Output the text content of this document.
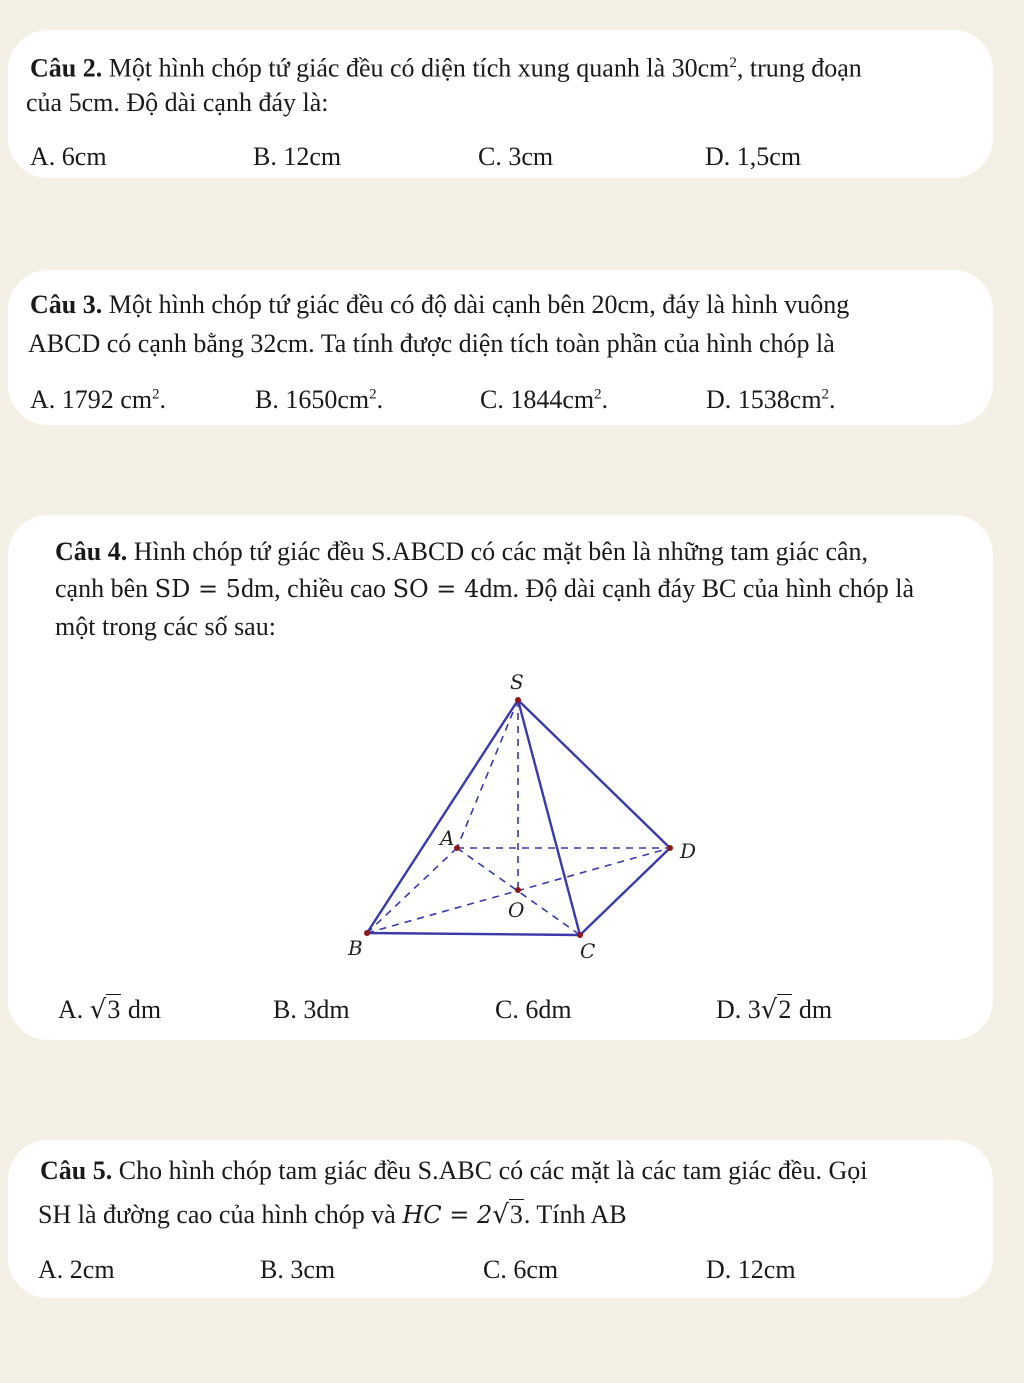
Câu 2. Một hình chóp tứ giác đều có diện tích xung quanh là $30cm^2$, trung đoạn
của 5cm. Độ dài cạnh đáy là:
A. 6cm	B. 12cm	C. 3cm	D. 1,5cm
Câu 3. Một hình chóp tứ giác đều có độ dài cạnh bên 20cm, đáy là hình vuông
ABCD có cạnh bằng 32cm. Ta tính được diện tích toàn phần của hình chóp là
A. 1792 $cm^2$.	B. $1650cm^2$.	C. $1844cm^2$.	D. $1538cm^2$.
Câu 4. Hình chóp tứ giác đều S.ABCD có các mặt bên là những tam giác cân,
cạnh bên SD = 5dm, chiều cao SO = 4dm. Độ dài cạnh đáy BC của hình chóp là
một trong các số sau:
S
A
B	C
D
O
A. √3 dm	B. 3dm	C. 6dm	D. 3√2 dm
Câu 5. Cho hình chóp tam giác đều S.ABC có các mặt là các tam giác đều. Gọi
SH là đường cao của hình chóp và HC = 2√3. Tính AB
A. 2cm	B. 3cm	C. 6cm	D. 12cm
